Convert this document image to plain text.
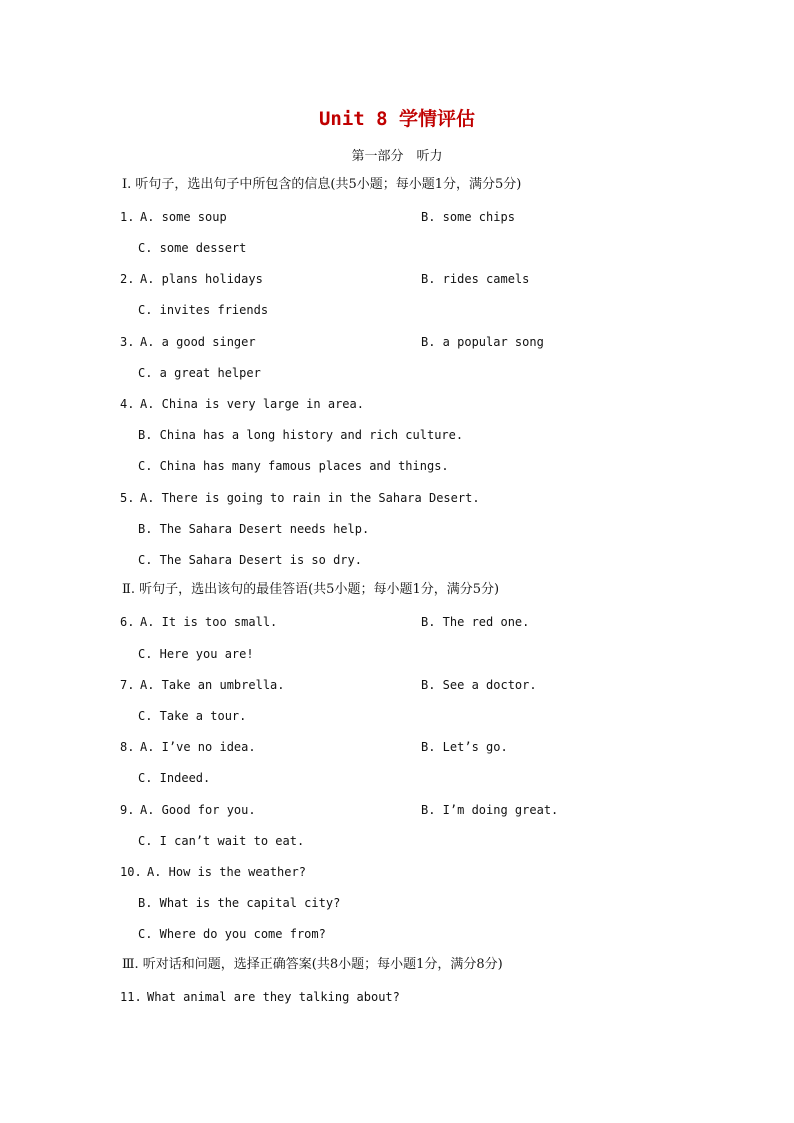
Unit 8 学情评估
第一部分　听力
Ⅰ. 听句子，选出句子中所包含的信息(共5小题；每小题1分，满分5分)
1. A. some soup	B. some chips
C. some dessert
2. A. plans holidays	B. rides camels
C. invites friends
3. A. a good singer	B. a popular song
C. a great helper
4. A. China is very large in area.
B. China has a long history and rich culture.
C. China has many famous places and things.
5. A. There is going to rain in the Sahara Desert.
B. The Sahara Desert needs help.
C. The Sahara Desert is so dry.
Ⅱ. 听句子，选出该句的最佳答语(共5小题；每小题1分，满分5分)
6. A. It is too small.	B. The red one.
C. Here you are!
7. A. Take an umbrella.	B. See a doctor.
C. Take a tour.
8. A. I’ve no idea.	B. Let’s go.
C. Indeed.
9. A. Good for you.	B. I’m doing great.
C. I can’t wait to eat.
10. A. How is the weather?
B. What is the capital city?
C. Where do you come from?
Ⅲ. 听对话和问题，选择正确答案(共8小题；每小题1分，满分8分)
11. What animal are they talking about?
